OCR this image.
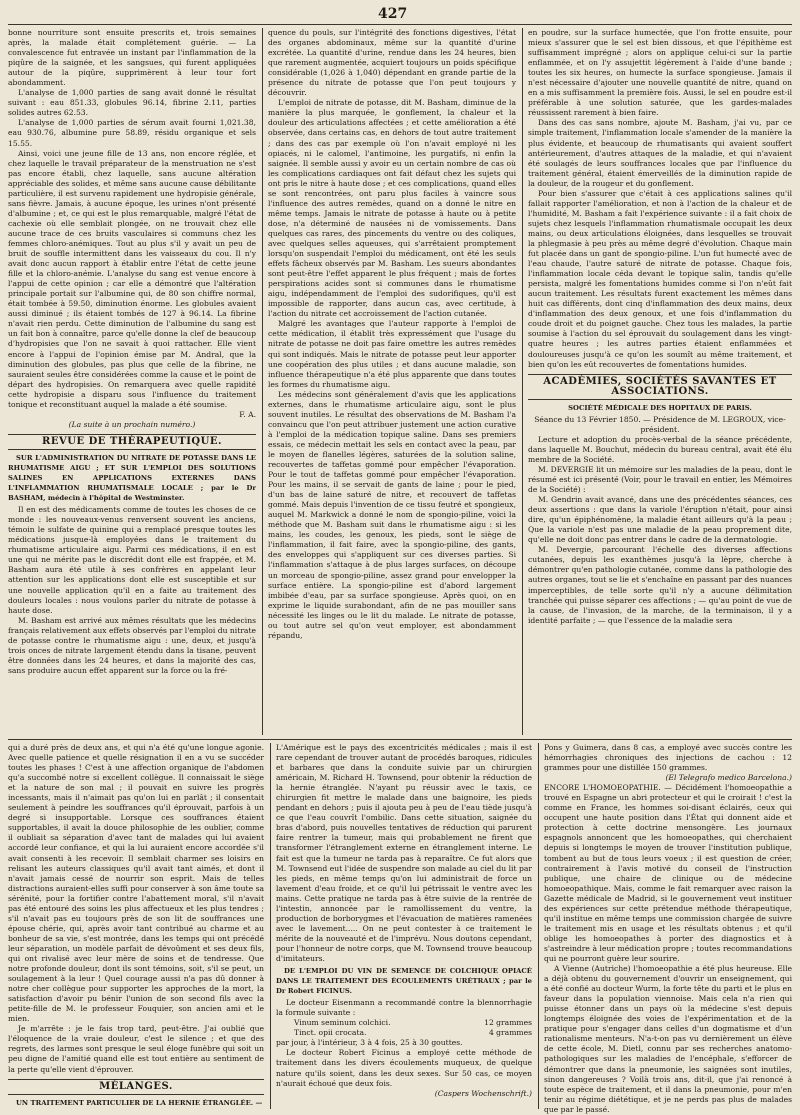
427

bonne nourriture sont ensuite prescrits et, trois semaines après, la malade était complétement guérie. — La convalescence fut entravée un instant par l'inflammation de la piqûre de la saignée, et les sangsues, qui furent appliquées autour de la piqûre, supprimèrent à leur tour fort abondamment.

L'analyse de 1,000 parties de sang avait donné le résultat suivant : eau 851.33, globules 96.14, fibrine 2.11, parties solides autres 62.53.

L'analyse de 1,000 parties de sérum avait fourni 1,021.38, eau 930.76, albumine pure 58.89, résidu organique et sels 15.55.

Ainsi, voici une jeune fille de 13 ans, non encore réglée, et chez laquelle le travail préparateur de la menstruation ne s'est pas encore établi, chez laquelle, sans aucune altération appréciable des solides, et même sans aucune cause débilitante particulière, il est survenu rapidement une hydropisie générale, sans fièvre. Jamais, à aucune époque, les urines n'ont présenté d'albumine ; et, ce qui est le plus remarquable, malgré l'état de cachexie où elle semblait plongée, on ne trouvait chez elle aucune trace de ces bruits vasculaires si communs chez les femmes chloro-anémiques. Tout au plus s'il y avait un peu de bruit de souffle intermittent dans les vaisseaux du cou. Il n'y avait donc aucun rapport à établir entre l'état de cette jeune fille et la chloro-anémie. L'analyse du sang est venue encore à l'appui de cette opinion ; car elle a démontré que l'altération principale portait sur l'albumine qui, de 80 son chiffre normal, était tombée à 59.50, diminution énorme. Les globules avaient aussi diminué ; ils étaient tombés de 127 à 96.14. La fibrine n'avait rien perdu. Cette diminution de l'albumine du sang est un fait bon à connaître, parce qu'elle donne la clef de beaucoup d'hydropisies que l'on ne savait à quoi rattacher. Elle vient encore à l'appui de l'opinion émise par M. Andral, que la diminution des globules, pas plus que celle de la fibrine, ne sauraient seules être considérées comme la cause et le point de départ des hydropisies. On remarquera avec quelle rapidité cette hydropisie a disparu sous l'influence du traitement tonique et reconstituant auquel la malade a été soumise.

F. A.

(La suite à un prochain numéro.)

REVUE DE THÉRAPEUTIQUE.
SUR L'ADMINISTRATION DU NITRATE DE POTASSE DANS LE RHUMATISME AIGU ; ET SUR L'EMPLOI DES SOLUTIONS SALINES EN APPLICATIONS EXTERNES DANS L'INFLAMMATION RHUMATISMALE LOCALE ; par le Dr BASHAM, médecin à l'hôpital de Westminster.

Il en est des médicaments comme de toutes les choses de ce monde : les nouveaux-venus renversent souvent les anciens, témoin le sulfate de quinine qui a remplacé presque toutes les médications jusque-là employées dans le traitement du rhumatisme articulaire aigu. Parmi ces médications, il en est une qui ne mérite pas le discrédit dont elle est frappée, et M. Basham aura été utile à ses confrères en appelant leur attention sur les applications dont elle est susceptible et sur une nouvelle application qu'il en a faite au traitement des douleurs locales : nous voulons parler du nitrate de potasse à haute dose.

M. Basham est arrivé aux mêmes résultats que les médecins français relativement aux effets observés par l'emploi du nitrate de potasse contre le rhumatisme aigu : une, deux, et jusqu'à trois onces de nitrate largement étendu dans la tisane, peuvent être données dans les 24 heures, et dans la majorité des cas, sans produire aucun effet apparent sur la force ou la fré-

quence du pouls, sur l'intégrité des fonctions digestives, l'état des organes abdominaux, même sur la quantité d'urine excrétée. La quantité d'urine, rendue dans les 24 heures, bien que rarement augmentée, acquiert toujours un poids spécifique considérable (1,026 à 1,040) dépendant en grande partie de la présence du nitrate de potasse que l'on peut toujours y découvrir.

L'emploi de nitrate de potasse, dit M. Basham, diminue de la manière la plus marquée, le gonflement, la chaleur et la douleur des articulations affectées ; et cette amélioration a été observée, dans certains cas, en dehors de tout autre traitement ; dans des cas par exemple où l'on n'avait employé ni les opiacés, ni le calomel, l'antimoine, les purgatifs, ni enfin la saignée. Il semble aussi y avoir eu un certain nombre de cas où les complications cardiaques ont fait défaut chez les sujets qui ont pris le nitre à haute dose ; et ces complications, quand elles se sont rencontrées, ont paru plus faciles à vaincre sous l'influence des autres remèdes, quand on a donné le nitre en même temps. Jamais le nitrate de potasse à haute ou à petite dose, n'a déterminé de nausées ni de vomissements. Dans quelques cas rares, des pincements du ventre ou des coliques, avec quelques selles aqueuses, qui s'arrêtaient promptement lorsqu'on suspendait l'emploi du médicament, ont été les seuls effets fâcheux observés par M. Basham. Les sueurs abondantes sont peut-être l'effet apparent le plus fréquent ; mais de fortes perspirations acides sont si communes dans le rhumatisme aigu, indépendamment de l'emploi des sudorifiques, qu'il est impossible de rapporter, dans aucun cas, avec certitude, à l'action du nitrate cet accroissement de l'action cutanée.

Malgré les avantages que l'auteur rapporte à l'emploi de cette médication, il établit très expressément que l'usage du nitrate de potasse ne doit pas faire omettre les autres remèdes qui sont indiqués. Mais le nitrate de potasse peut leur apporter une coopération des plus utiles ; et dans aucune maladie, son influence thérapeutique n'a été plus apparente que dans toutes les formes du rhumatisme aigu.

Les médecins sont généralement d'avis que les applications externes, dans le rhumatisme articulaire aigu, sont le plus souvent inutiles. Le résultat des observations de M. Basham l'a convaincu que l'on peut attribuer justement une action curative à l'emploi de la médication topique saline. Dans ses premiers essais, ce médecin mettait les sels en contact avec la peau, par le moyen de flanelles légères, saturées de la solution saline, recouvertes de taffetas gommé pour empêcher l'évaporation. Pour le tout de taffetas gommé pour empêcher l'évaporation. Pour les mains, il se servait de gants de laine ; pour le pied, d'un bas de laine saturé de nitre, et recouvert de taffetas gommé. Mais depuis l'invention de ce tissu feutré et spongieux, auquel M. Markwick a donné le nom de spongio-piline, voici la méthode que M. Basham suit dans le rhumatisme aigu : si les mains, les coudes, les genoux, les pieds, sont le siège de l'inflammation, il fait faire, avec la spongio-piline, des gants, des enveloppes qui s'appliquent sur ces diverses parties. Si l'inflammation s'attaque à de plus larges surfaces, on découpe un morceau de spongio-piline, assez grand pour envelopper la surface entière. La spongio-piline est d'abord largement imbibée d'eau, par sa surface spongieuse. Après quoi, on en exprime le liquide surabondant, afin de ne pas mouiller sans nécessité les linges ou le lit du malade. Le nitrate de potasse, ou tout autre sel qu'on veut employer, est abondamment répandu,

en poudre, sur la surface humectée, que l'on frotte ensuite, pour mieux s'assurer que le sel est bien dissous, et que l'épithème est suffisamment imprégné ; alors on applique celui-ci sur la partie enflammée, et on l'y assujettit légèrement à l'aide d'une bande ; toutes les six heures, on humecte la surface spongieuse. Jamais il n'est nécessaire d'ajouter une nouvelle quantité de nitre, quand on en a mis suffisamment la première fois. Aussi, le sel en poudre est-il préférable à une solution saturée, que les gardes-malades réussissent rarement à bien faire.

Dans des cas sans nombre, ajoute M. Basham, j'ai vu, par ce simple traitement, l'inflammation locale s'amender de la manière la plus évidente, et beaucoup de rhumatisants qui avaient souffert antérieurement, d'autres attaques de la maladie, et qui n'avaient été soulagés de leurs souffrances locales que par l'influence du traitement général, étaient émerveillés de la diminution rapide de la douleur, de la rougeur et du gonflement.

Pour bien s'assurer que c'était à ces applications salines qu'il fallait rapporter l'amélioration, et non à l'action de la chaleur et de l'humidité, M. Basham a fait l'expérience suivante : il a fait choix de sujets chez lesquels l'inflammation rhumatismale occupait les deux mains, ou deux articulations éloignées, dans lesquelles se trouvait la phlegmasie à peu près au même degré d'évolution. Chaque main fut placée dans un gant de spongio-piline. L'un fut humecté avec de l'eau chaude, l'autre saturé de nitrate de potasse. Chaque fois, l'inflammation locale céda devant le topique salin, tandis qu'elle persista, malgré les fomentations humides comme si l'on n'eût fait aucun traitement. Les résultats furent exactement les mêmes dans huit cas différents, dont cinq d'inflammation des deux mains, deux d'inflammation des deux genoux, et une fois d'inflammation du coude droit et du poignet gauche. Chez tous les malades, la partie soumise à l'action du sel éprouvait du soulagement dans les vingt-quatre heures ; les autres parties étaient enflammées et douloureuses jusqu'à ce qu'on les soumît au même traitement, et bien qu'on les eût recouvertes de fomentations humides.

ACADÉMIES, SOCIÉTÉS SAVANTES ET ASSOCIATIONS.
SOCIÉTÉ MÉDICALE DES HOPITAUX DE PARIS.

Séance du 13 Février 1850. — Présidence de M. LEGROUX, vice-président.

Lecture et adoption du procès-verbal de la séance précédente, dans laquelle M. Bouchut, médecin du bureau central, avait été élu membre de la Société.

M. DEVERGIE lit un mémoire sur les maladies de la peau, dont le résumé est ici présenté (Voir, pour le travail en entier, les Mémoires de la Société) :

M. Gendrin avait avancé, dans une des précédentes séances, ces deux assertions : que dans la variole l'éruption n'était, pour ainsi dire, qu'un épiphénomène, la maladie étant ailleurs qu'à la peau ; Que la variole n'est pas une maladie de la peau proprement dite, qu'elle ne doit donc pas entrer dans le cadre de la dermatologie.

M. Devergie, parcourant l'échelle des diverses affections cutanées, depuis les exanthèmes jusqu'à la lèpre, cherche à démontrer qu'en pathologie cutanée, comme dans la pathologie des autres organes, tout se lie et s'enchaîne en passant par des nuances imperceptibles, de telle sorte qu'il n'y a aucune délimitation tranchée qui puisse séparer ces affections ; — qu'au point de vue de la cause, de l'invasion, de la marche, de la terminaison, il y a identité parfaite ; — que l'essence de la maladie sera

qui a duré près de deux ans, et qui n'a été qu'une longue agonie. Avec quelle patience et quelle résignation il en a vu se succéder toutes les phases ! C'est à une affection organique de l'abdomen qu'a succombé notre si excellent collègue. Il connaissait le siège et la nature de son mal ; il pouvait en suivre les progrès incessants, mais il n'aimait pas qu'on lui en parlât ; il consentait seulement à peindre les souffrances qu'il éprouvait, parfois à un degré si insupportable. Lorsque ces souffrances étaient supportables, il avait la douce philosophie de les oublier, comme il oubliait sa séparation d'avec tant de malades qui lui avaient accordé leur confiance, et qui la lui auraient encore accordée s'il avait consenti à les recevoir. Il semblait charmer ses loisirs en relisant les auteurs classiques qu'il avait tant aimés, et dont il n'avait jamais cessé de nourrir son esprit. Mais de telles distractions auraient-elles suffi pour conserver à son âme toute sa sérénité, pour la fortifier contre l'abattement moral, s'il n'avait pas été entouré des soins les plus affectueux et les plus tendres ; s'il n'avait pas eu toujours près de son lit de souffrances une épouse chérie, qui, après avoir tant contribué au charme et au bonheur de sa vie, s'est montrée, dans les temps qui ont précédé leur séparation, un modèle parfait de dévoûment et ses deux fils, qui ont rivalisé avec leur mère de soins et de tendresse. Que notre profonde douleur, dont ils sont témoins, soit, s'il se peut, un soulagement à la leur ! Quel courage aussi n'a pas dû donner à notre cher collègue pour supporter les approches de la mort, la satisfaction d'avoir pu bénir l'union de son second fils avec la petite-fille de M. le professeur Fouquier, son ancien ami et le mien.

Je m'arrête : je le fais trop tard, peut-être. J'ai oublié que l'éloquence de la vraie douleur, c'est le silence ; et que des regrets, des larmes sont presque le seul éloge funèbre qui soit un peu digne de l'amitié quand elle est tout entière au sentiment de la perte qu'elle vient d'éprouver.

MÉLANGES.
UN TRAITEMENT PARTICULIER DE LA HERNIE ÉTRANGLÉE. —

L'Amérique est le pays des excentricités médicales ; mais il est rare cependant de trouver autant de procédés baroques, ridicules et barbares que dans la conduite suivie par un chirurgien américain, M. Richard H. Townsend, pour obtenir la réduction de la hernie étranglée. N'ayant pu réussir avec le taxis, ce chirurgien fit mettre le malade dans une baignoire, les pieds pendant en dehors ; puis il ajouta peu à peu de l'eau tiède jusqu'à ce que l'eau couvrît l'ombilic. Dans cette situation, saignée du bras d'abord, puis nouvelles tentatives de réduction qui parurent faire rentrer la tumeur, mais qui probablement ne firent que transformer l'étranglement externe en étranglement interne. Le fait est que la tumeur ne tarda pas à reparaître. Ce fut alors que M. Townsend eut l'idée de suspendre son malade au ciel du lit par les pieds, en même temps qu'on lui administrait de force un lavement d'eau froide, et ce qu'il lui pétrissait le ventre avec les mains. Cette pratique ne tarda pas à être suivie de la rentrée de l'intestin, annoncée par le ramollissement du ventre, la production de borborygmes et l'évacuation de matières ramenées avec le lavement..... On ne peut contester à ce traitement le mérite de la nouveauté et de l'imprévu. Nous doutons cependant, pour l'honneur de notre corps, que M. Townsend trouve beaucoup d'imitateurs.

DE L'EMPLOI DU VIN DE SEMENCE DE COLCHIQUE OPIACÉ DANS LE TRAITEMENT DES ÉCOULEMENTS URÉTRAUX ; par le Dr Robert FICINUS.

Le docteur Eisenmann a recommandé contre la blennorrhagie la formule suivante :

Vinum seminum colchici.	12 grammes
Tinct. opii crocata.	4 grammes

par jour, à l'intérieur, 3 à 4 fois, 25 à 30 gouttes.

Le docteur Robert Ficinus a employé cette méthode de traitement dans les divers écoulements muqueux, de quelque nature qu'ils soient, dans les deux sexes. Sur 50 cas, ce moyen n'aurait échoué que deux fois.

(Caspers Wochenschrift.)

Pons y Guimera, dans 8 cas, a employé avec succès contre les hémorrhagies chroniques des injections de cachou : 12 grammes pour une distillée 150 grammes.

(El Telegrafo medico Barcelona.)

ENCORE L'HOMOEOPATHIE. — Décidément l'homoeopathie a trouvé en Espagne un abri protecteur et qui le croirait ! c'est la comme en France, les hommes soi-disant éclairés, ceux qui occupent une haute position dans l'État qui donnent aide et protection à cette doctrine mensongère. Les journaux espagnols annoncent que les homoeopathes, qui cherchaient depuis si longtemps le moyen de trouver l'institution publique, tombent au but de tous leurs voeux ; il est question de créer, contrairement à l'avis motivé du conseil de l'instruction publique, une chaire de clinique ou de médecine homoeopathique. Mais, comme le fait remarquer avec raison la Gazette médicale de Madrid, si le gouvernement veut instituer des expériences sur cette prétendue méthode thérapeutique, qu'il institue en même temps une commission chargée de suivre le traitement mis en usage et les résultats obtenus ; et qu'il oblige les homoeopathes à porter des diagnostics et à s'astreindre à leur médication propre ; toutes recommandations qui ne pourront guère leur sourire.

A Vienne (Autriche) l'homoeopathie a été plus heureuse. Elle a déjà obtenu du gouvernement d'ouvrir un enseignement, qui a été confié au docteur Wurm, la forte tête du parti et le plus en faveur dans la population viennoise. Mais cela n'a rien qui puisse étonner dans un pays où la médecine s'est depuis longtemps éloignée des voies de l'expérimentation et de la pratique pour s'engager dans celles d'un dogmatisme et d'un rationalisme menteurs. N'a-t-on pas vu dernièrement un élève de cette école, M. Dietl, connu par ses recherches anatomo-pathologiques sur les maladies de l'encéphale, s'efforcer de démontrer que dans la pneumonie, les saignées sont inutiles, sinon dangereuses ? Voilà trois ans, dit-il, que j'ai renoncé à toute espèce de traitement, et il dans la pneumonie, pour m'en tenir au régime diététique, et je ne perds pas plus de malades que par le passé.
